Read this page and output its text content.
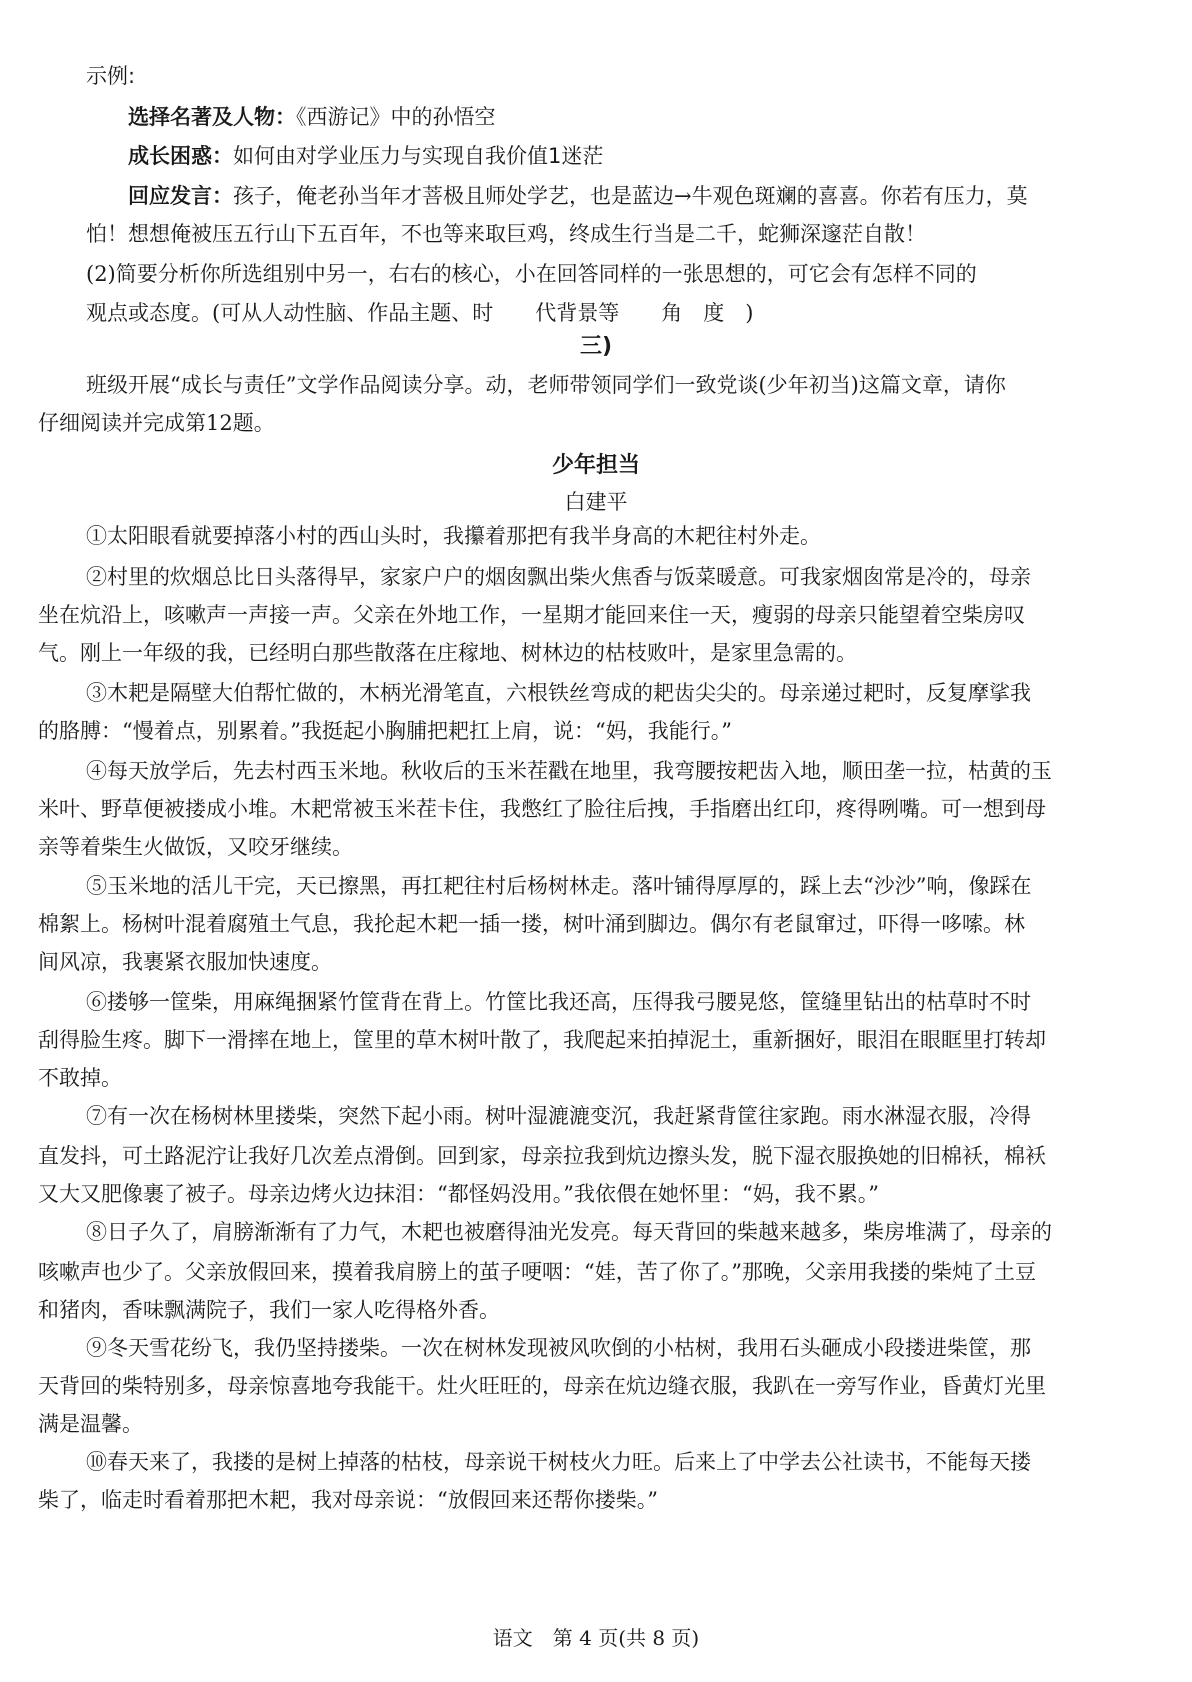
示例:
选择名著及人物：《西游记》中的孙悟空
成长困惑：如何由对学业压力与实现自我价值1迷茫
回应发言：孩子，俺老孙当年才菩极且师处学艺，也是蓝边→牛观色斑斓的喜喜。你若有压力，莫
怕！想想俺被压五行山下五百年，不也等来取巨鸡，终成生行当是二千，蛇狮深邃茫自散！
(2)简要分析你所选组别中另一，右右的核心，小在回答同样的一张思想的，可它会有怎样不同的
观点或态度。(可从人动性脑、作品主题、时　　代背景等　　角　度　)
三)
班级开展“成长与责任”文学作品阅读分享。动，老师带领同学们一致党谈(少年初当)这篇文章，请你
仔细阅读并完成第12题。
少年担当
白建平
①太阳眼看就要掉落小村的西山头时，我攥着那把有我半身高的木耙往村外走。
②村里的炊烟总比日头落得早，家家户户的烟囱飘出柴火焦香与饭菜暖意。可我家烟囱常是冷的，母亲
坐在炕沿上，咳嗽声一声接一声。父亲在外地工作，一星期才能回来住一天，瘦弱的母亲只能望着空柴房叹
气。刚上一年级的我，已经明白那些散落在庄稼地、树林边的枯枝败叶，是家里急需的。
③木耙是隔壁大伯帮忙做的，木柄光滑笔直，六根铁丝弯成的耙齿尖尖的。母亲递过耙时，反复摩挲我
的胳膊：“慢着点，别累着。”我挺起小胸脯把耙扛上肩，说：“妈，我能行。”
④每天放学后，先去村西玉米地。秋收后的玉米茬戳在地里，我弯腰按耙齿入地，顺田垄一拉，枯黄的玉
米叶、野草便被搂成小堆。木耙常被玉米茬卡住，我憋红了脸往后拽，手指磨出红印，疼得咧嘴。可一想到母
亲等着柴生火做饭，又咬牙继续。
⑤玉米地的活儿干完，天已擦黑，再扛耙往村后杨树林走。落叶铺得厚厚的，踩上去“沙沙”响，像踩在
棉絮上。杨树叶混着腐殖土气息，我抡起木耙一插一搂，树叶涌到脚边。偶尔有老鼠窜过，吓得一哆嗦。林
间风凉，我裹紧衣服加快速度。
⑥搂够一筐柴，用麻绳捆紧竹筐背在背上。竹筐比我还高，压得我弓腰晃悠，筐缝里钻出的枯草时不时
刮得脸生疼。脚下一滑摔在地上，筐里的草木树叶散了，我爬起来拍掉泥土，重新捆好，眼泪在眼眶里打转却
不敢掉。
⑦有一次在杨树林里搂柴，突然下起小雨。树叶湿漉漉变沉，我赶紧背筐往家跑。雨水淋湿衣服，冷得
直发抖，可土路泥泞让我好几次差点滑倒。回到家，母亲拉我到炕边擦头发，脱下湿衣服换她的旧棉袄，棉袄
又大又肥像裹了被子。母亲边烤火边抹泪：“都怪妈没用。”我依偎在她怀里：“妈，我不累。”
⑧日子久了，肩膀渐渐有了力气，木耙也被磨得油光发亮。每天背回的柴越来越多，柴房堆满了，母亲的
咳嗽声也少了。父亲放假回来，摸着我肩膀上的茧子哽咽：“娃，苦了你了。”那晚，父亲用我搂的柴炖了土豆
和猪肉，香味飘满院子，我们一家人吃得格外香。
⑨冬天雪花纷飞，我仍坚持搂柴。一次在树林发现被风吹倒的小枯树，我用石头砸成小段搂进柴筐，那
天背回的柴特别多，母亲惊喜地夸我能干。灶火旺旺的，母亲在炕边缝衣服，我趴在一旁写作业，昏黄灯光里
满是温馨。
⑩春天来了，我搂的是树上掉落的枯枝，母亲说干树枝火力旺。后来上了中学去公社读书，不能每天搂
柴了，临走时看着那把木耙，我对母亲说：“放假回来还帮你搂柴。”
语文　第 4 页(共 8 页)
